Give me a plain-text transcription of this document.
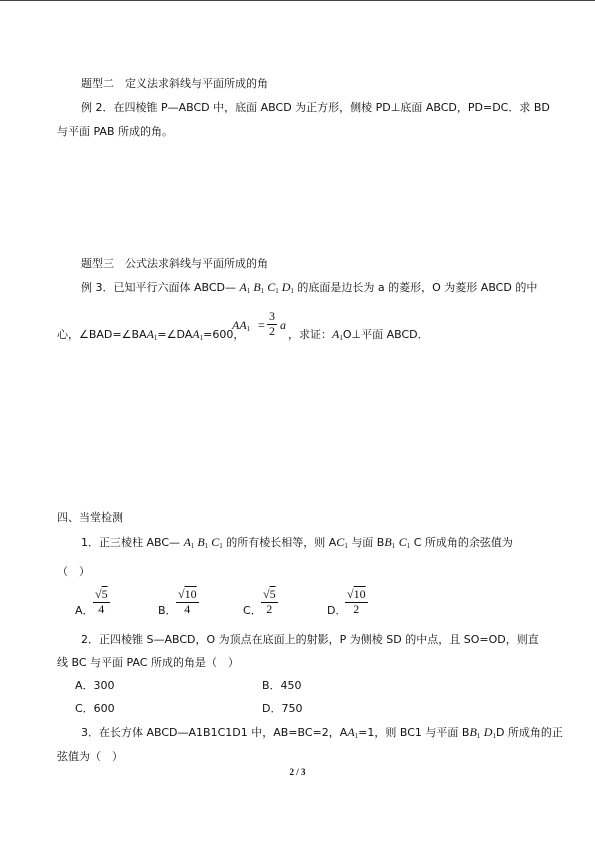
题型二　定义法求斜线与平面所成的角
例 2．在四棱锥 P—ABCD 中，底面 ABCD 为正方形，侧棱 PD⊥底面 ABCD，PD=DC．求 BD
与平面 PAB 所成的角。
题型三　公式法求斜线与平面所成的角
例 3．已知平行六面体 ABCD— $A_1$ $B_1$ $C_1$ $D_1$ 的底面是边长为 a 的菱形，O 为菱形 ABCD 的中
$AA_1 = \frac{3}{2}$ a
心，$\angle BAD=\angle BAA_1=\angle DAA_1=600$，	，求证：$A_1O\perp$平面 ABCD．
四、当堂检测
1．正三棱柱 ABC— $A_1$ $B_1$ $C_1$ 的所有棱长相等，则 $AC_1$ 与面 $BB_1$ $C_1$ C 所成角的余弦值为
（　）
A． $\frac{√5}{4}$	B． $\frac{√10}{4}$	C． $\frac{√5}{2}$	D．
$\frac{√10}{2}$
2．正四棱锥 S—ABCD，O 为顶点在底面上的射影，P 为侧棱 SD 的中点，且 SO=OD，则直
线 BC 与平面 PAC 所成的角是（　）
A．300	B．450
C．600	D．750
3．在长方体 ABCD—A1B1C1D1 中，AB=BC=2，$AA_1=1$，则 BC1 与平面 $BB_1$ $D_1D$ 所成角的正
弦值为（　）
2 / 3
